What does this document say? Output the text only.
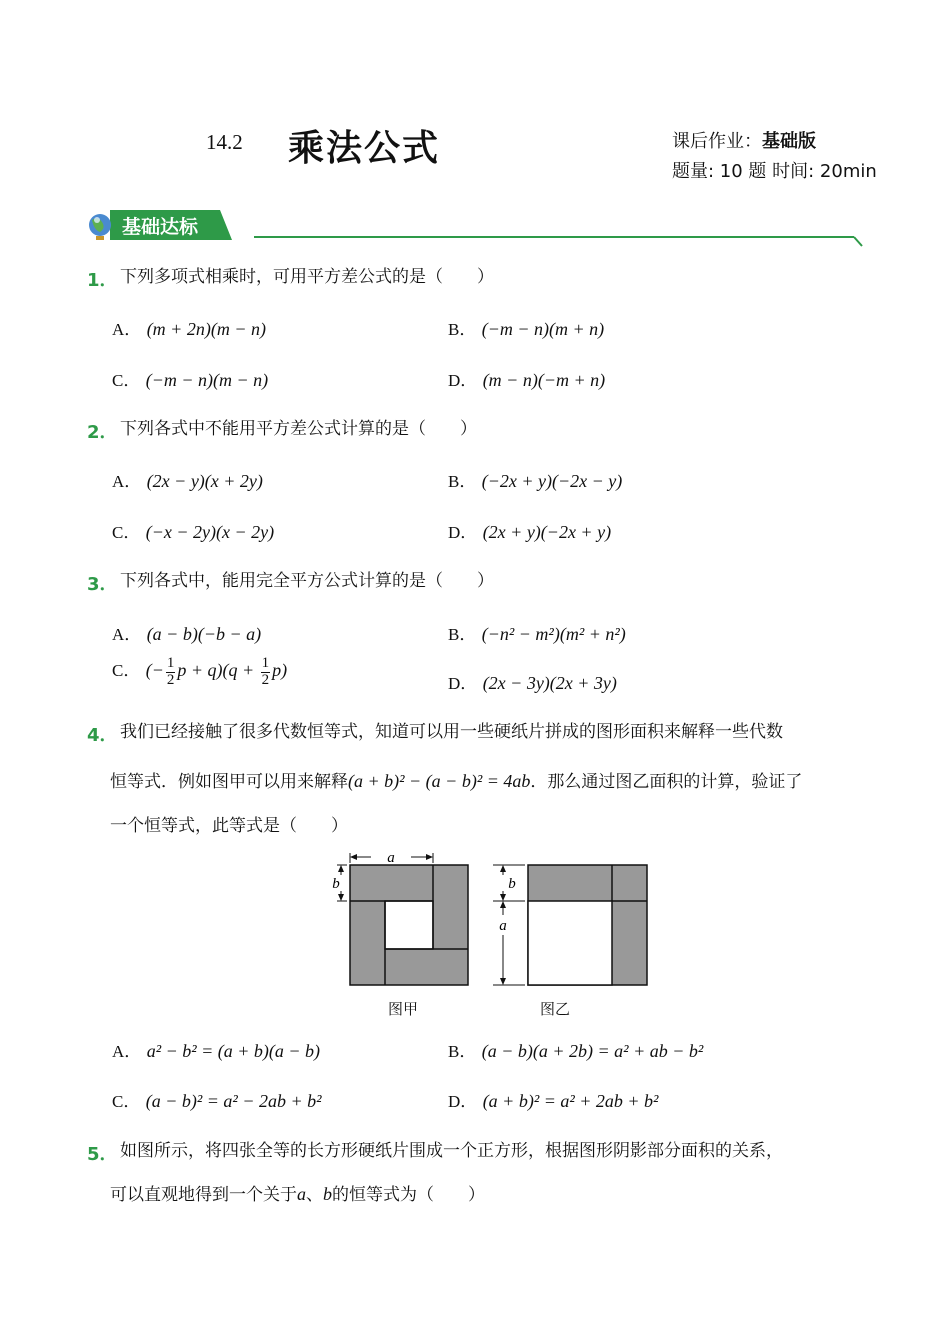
14.2 乘法公式	课后作业：基础版
题量: 10 题 时间: 20min
基础达标
1． 下列多项式相乘时，可用平方差公式的是（　　）
A． (m + 2n)(m − n)	B． (−m − n)(m + n)
C． (−m − n)(m − n)	D． (m − n)(−m + n)
2． 下列各式中不能用平方差公式计算的是（　　）
A． (2x − y)(x + 2y)	B． (−2x + y)(−2x − y)
C． (−x − 2y)(x − 2y)	D． (2x + y)(−2x + y)
3． 下列各式中，能用完全平方公式计算的是（　　）
A． (a − b)(−b − a)	B． (−n² − m²)(m² + n²)
C． (− $\frac{1}{2}$ $p + q)(q + \frac{1}{2} p)$
D． (2x − 3y)(2x + 3y)
4． 我们已经接触了很多代数恒等式，知道可以用一些硬纸片拼成的图形面积来解释一些代数
恒等式．例如图甲可以用来解释(a + b)² − (a − b)² = 4ab．那么通过图乙面积的计算，验证了
一个恒等式，此等式是（　　）
a
b
图甲
b
a
图乙
A． a² − b² = (a + b)(a − b)	B． (a − b)(a + 2b) = a² + ab − b²
C． (a − b)² = a² − 2ab + b²	D． (a + b)² = a² + 2ab + b²
5． 如图所示，将四张全等的长方形硬纸片围成一个正方形，根据图形阴影部分面积的关系，
可以直观地得到一个关于a、b的恒等式为（　　）
